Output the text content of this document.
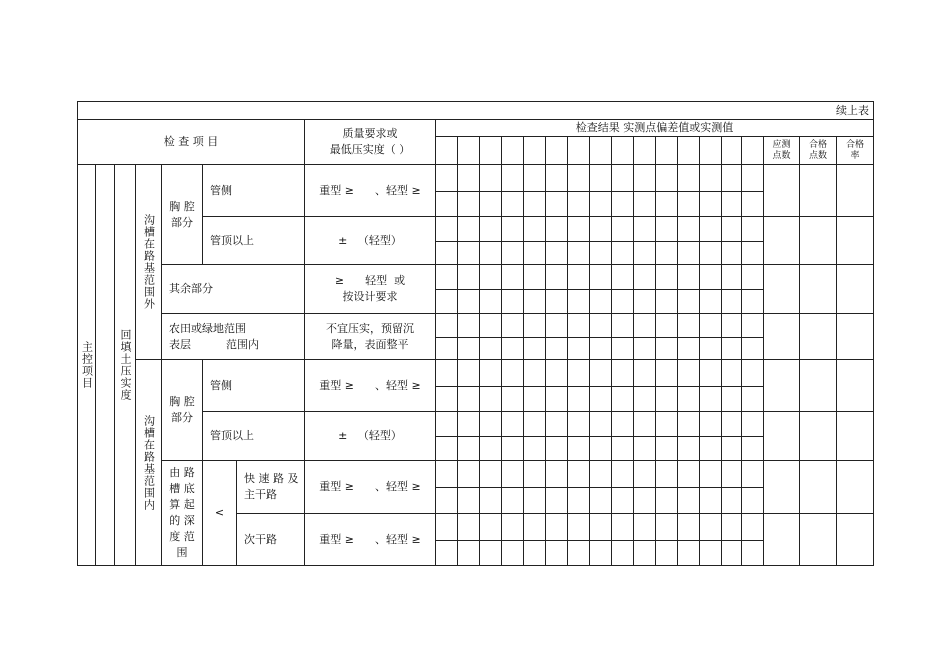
续上表
检 查 项 目
质量要求或
最低压实度（ ）
检查结果 实测点偏差值或实测值
应测
点数
合格
点数
合格
率
主控项目 回填土压实度
沟槽在路基范围外
胸 腔
部分
管侧
管顶以上
其余部分
农田或绿地范围
表层          范围内
沟槽在路基范围内
胸 腔
部分
管侧
管顶以上
由 路
槽 底
算 起
的 深
度 范
围
<
快 速 路 及
主干路
次干路
重型 ≥      、轻型 ≥
±   （轻型）
≥      轻型  或
按设计要求
不宜压实，预留沉
降量，表面整平
重型 ≥      、轻型 ≥
±   （轻型）
重型 ≥      、轻型 ≥
重型 ≥      、轻型 ≥
